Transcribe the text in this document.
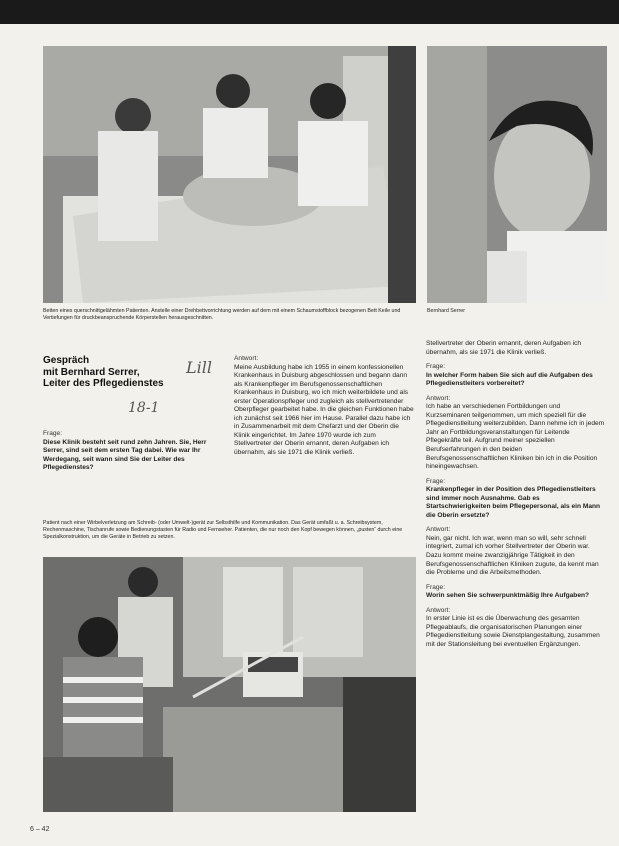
Betten eines querschnittgelähmten Patienten. Anstelle einer Drehbettvorrichtung werden auf dem mit einem Schaumstoffblock bezogenen Bett Keile und Vertiefungen für druckbeanspruchende Körperstellen herausgeschnitten.
Bernhard Serrer
Gespräch
mit Bernhard Serrer,
Leiter des Pflegedienstes
Lill
18-1

Frage:

Diese Klinik besteht seit rund zehn Jahren. Sie, Herr Serrer, sind seit dem ersten Tag dabei. Wie war Ihr Werdegang, seit wann sind Sie der Leiter des Pflegedienstes?

Antwort:

Meine Ausbildung habe ich 1955 in einem konfessionellen Krankenhaus in Duisburg abgeschlossen und begann dann als Krankenpfleger im Berufsgenossenschaftlichen Krankenhaus in Duisburg, wo ich mich weiterbildete und als erster Operationspfleger und zugleich als stellvertretender Oberpfleger gearbeitet habe. In die gleichen Funktionen habe ich zunächst seit 1966 hier im Hause. Parallel dazu habe ich in Zusammenarbeit mit dem Chefarzt und der Oberin die Klinik eingerichtet. Im Jahre 1970 wurde ich zum Stellvertreter der Oberin ernannt, deren Aufgaben ich übernahm, als sie 1971 die Klinik verließ.

Patient nach einer Wirbelverletzung am Schreib- (oder Umwelt-)gerät zur Selbsthilfe und Kommunikation. Das Gerät umfaßt u. a. Schreibsystem, Rechenmaschine, Tischanrufe sowie Bedienungstasten für Radio und Fernseher. Patienten, die nur noch den Kopf bewegen können, „pusten“ durch eine Spezialkonstruktion, um die Geräte in Betrieb zu setzen.

Stellvertreter der Oberin ernannt, deren Aufgaben ich übernahm, als sie 1971 die Klinik verließ.

Frage:

In welcher Form haben Sie sich auf die Aufgaben des Pflegedienstleiters vorbereitet?

Antwort:

Ich habe an verschiedenen Fortbildungen und Kurzseminaren teilgenommen, um mich speziell für die Pflegedienstleitung weiterzubilden. Dann nehme ich in jedem Jahr an Fortbildungsveranstaltungen für Leitende Pflegekräfte teil. Aufgrund meiner speziellen Berufserfahrungen in den beiden Berufsgenossenschaftlichen Kliniken bin ich in die Position hineingewachsen.

Frage:

Krankenpfleger in der Position des Pflegedienstleiters sind immer noch Ausnahme. Gab es Startschwierigkeiten beim Pflegepersonal, als ein Mann die Oberin ersetzte?

Antwort:

Nein, gar nicht. Ich war, wenn man so will, sehr schnell integriert, zumal ich vorher Stellvertreter der Oberin war. Dazu kommt meine zwanzigjährige Tätigkeit in den Berufsgenossenschaftlichen Kliniken zugute, da kennt man die Probleme und die Arbeitsmethoden.

Frage:

Worin sehen Sie schwerpunktmäßig Ihre Aufgaben?

Antwort:

In erster Linie ist es die Überwachung des gesamten Pflegeablaufs, die organisatorischen Planungen einer Pflegedienstleitung sowie Dienstplangestaltung, zusammen mit der Stationsleitung bei eventuellen Ergänzungen.

6 – 42
